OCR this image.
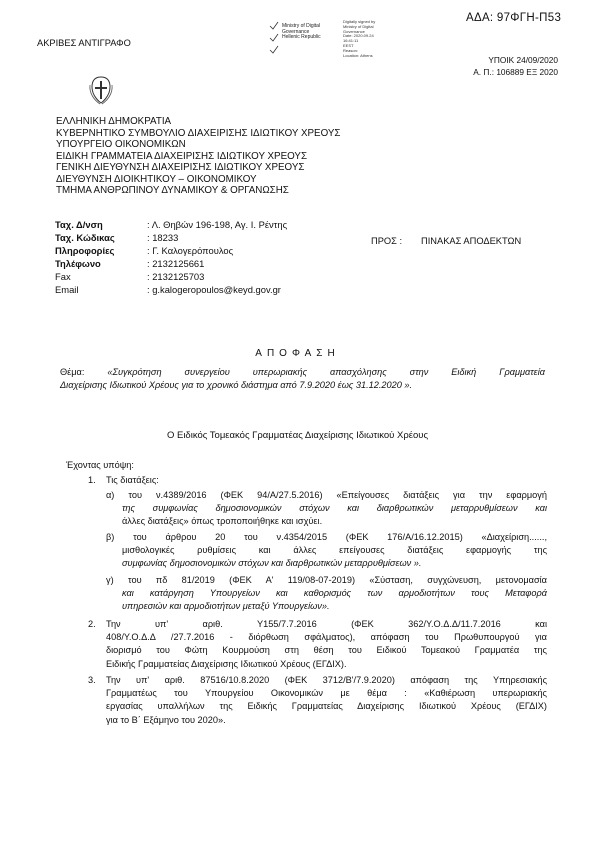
ΑΚΡΙΒΕΣ ΑΝΤΙΓΡΑΦΟ
ΑΔΑ: 97ΦΓΗ-Π53
Ministry of Digital
Governance
Hellenic Republic
Digitally signed by
Ministry of Digital
Governance
Date: 2020.09.24
16:41:11
EEST
Reason:
Location: Athens	ΥΠΟΙΚ 24/09/2020
Α. Π.: 106889 ΕΞ 2020
ΕΛΛΗΝΙΚΗ ΔΗΜΟΚΡΑΤΙΑ
ΚΥΒΕΡΝΗΤΙΚΟ ΣΥΜΒΟΥΛΙΟ ΔΙΑΧΕΙΡΙΣΗΣ ΙΔΙΩΤΙΚΟΥ ΧΡΕΟΥΣ
ΥΠΟΥΡΓΕΙΟ ΟΙΚΟΝΟΜΙΚΩΝ
ΕΙΔΙΚΗ ΓΡΑΜΜΑΤΕΙΑ ΔΙΑΧΕΙΡΙΣΗΣ ΙΔΙΩΤΙΚΟΥ ΧΡΕΟΥΣ
ΓΕΝΙΚΗ ΔΙΕΥΘΥΝΣΗ ΔΙΑΧΕΙΡΙΣΗΣ ΙΔΙΩΤΙΚΟΥ ΧΡΕΟΥΣ
ΔΙΕΥΘΥΝΣΗ ΔΙΟΙΚΗΤΙΚΟΥ – ΟΙΚΟΝΟΜΙΚΟΥ
ΤΜΗΜΑ ΑΝΘΡΩΠΙΝΟΥ ΔΥΝΑΜΙΚΟΥ & ΟΡΓΑΝΩΣΗΣ
Ταχ. Δ/νση	: Λ. Θηβών 196-198, Αγ. Ι. Ρέντης
Ταχ. Κώδικας	: 18233
Πληροφορίες	: Γ. Καλογερόπουλος
Τηλέφωνο	: 2132125661
Fax	: 2132125703
Email	: g.kalogeropoulos@keyd.gov.gr
ΠΡΟΣ : ΠΙΝΑΚΑΣ ΑΠΟΔΕΚΤΩΝ
ΑΠΟΦΑΣΗ
Θέμα: «Συγκρότηση συνεργείου υπερωριακής απασχόλησης στην Ειδική Γραμματεία
Διαχείρισης Ιδιωτικού Χρέους για το χρονικό διάστημα από 7.9.2020 έως 31.12.2020 ».
Ο Ειδικός Τομεακός Γραμματέας Διαχείρισης Ιδιωτικού Χρέους
Έχοντας υπόψη:
1. Τις διατάξεις:
α) του ν.4389/2016 (ΦΕΚ 94/Α/27.5.2016) «Επείγουσες διατάξεις για την εφαρμογή
της συμφωνίας δημοσιονομικών στόχων και διαρθρωτικών μεταρρυθμίσεων και
άλλες διατάξεις» όπως τροποποιήθηκε και ισχύει.
β) του άρθρου 20 του ν.4354/2015 (ΦΕΚ 176/Α/16.12.2015) «Διαχείριση......,
μισθολογικές ρυθμίσεις και άλλες επείγουσες διατάξεις εφαρμογής της
συμφωνίας δημοσιονομικών στόχων και διαρθρωτικών μεταρρυθμίσεων ».
γ) του πδ 81/2019 (ΦΕΚ Α' 119/08-07-2019) «Σύσταση, συγχώνευση, μετονομασία
και κατάργηση Υπουργείων και καθορισμός των αρμοδιοτήτων τους Μεταφορά
υπηρεσιών και αρμοδιοτήτων μεταξύ Υπουργείων».
2. Την υπ' αριθ. Υ155/7.7.2016 (ΦΕΚ 362/Υ.Ο.Δ.Δ/11.7.2016 και
408/Υ.Ο.Δ.Δ /27.7.2016 - διόρθωση σφάλματος), απόφαση του Πρωθυπουργού για
διορισμό του Φώτη Κουρμούση στη θέση του Ειδικού Τομεακού Γραμματέα της
Ειδικής Γραμματείας Διαχείρισης Ιδιωτικού Χρέους (ΕΓΔΙΧ).
3. Την υπ' αριθ. 87516/10.8.2020 (ΦΕΚ 3712/Β'/7.9.2020) απόφαση της Υπηρεσιακής
Γραμματέως του Υπουργείου Οικονομικών με θέμα : «Καθιέρωση υπερωριακής
εργασίας υπαλλήλων της Ειδικής Γραμματείας Διαχείρισης Ιδιωτικού Χρέους (ΕΓΔΙΧ)
για το Β΄ Εξάμηνο του 2020».
